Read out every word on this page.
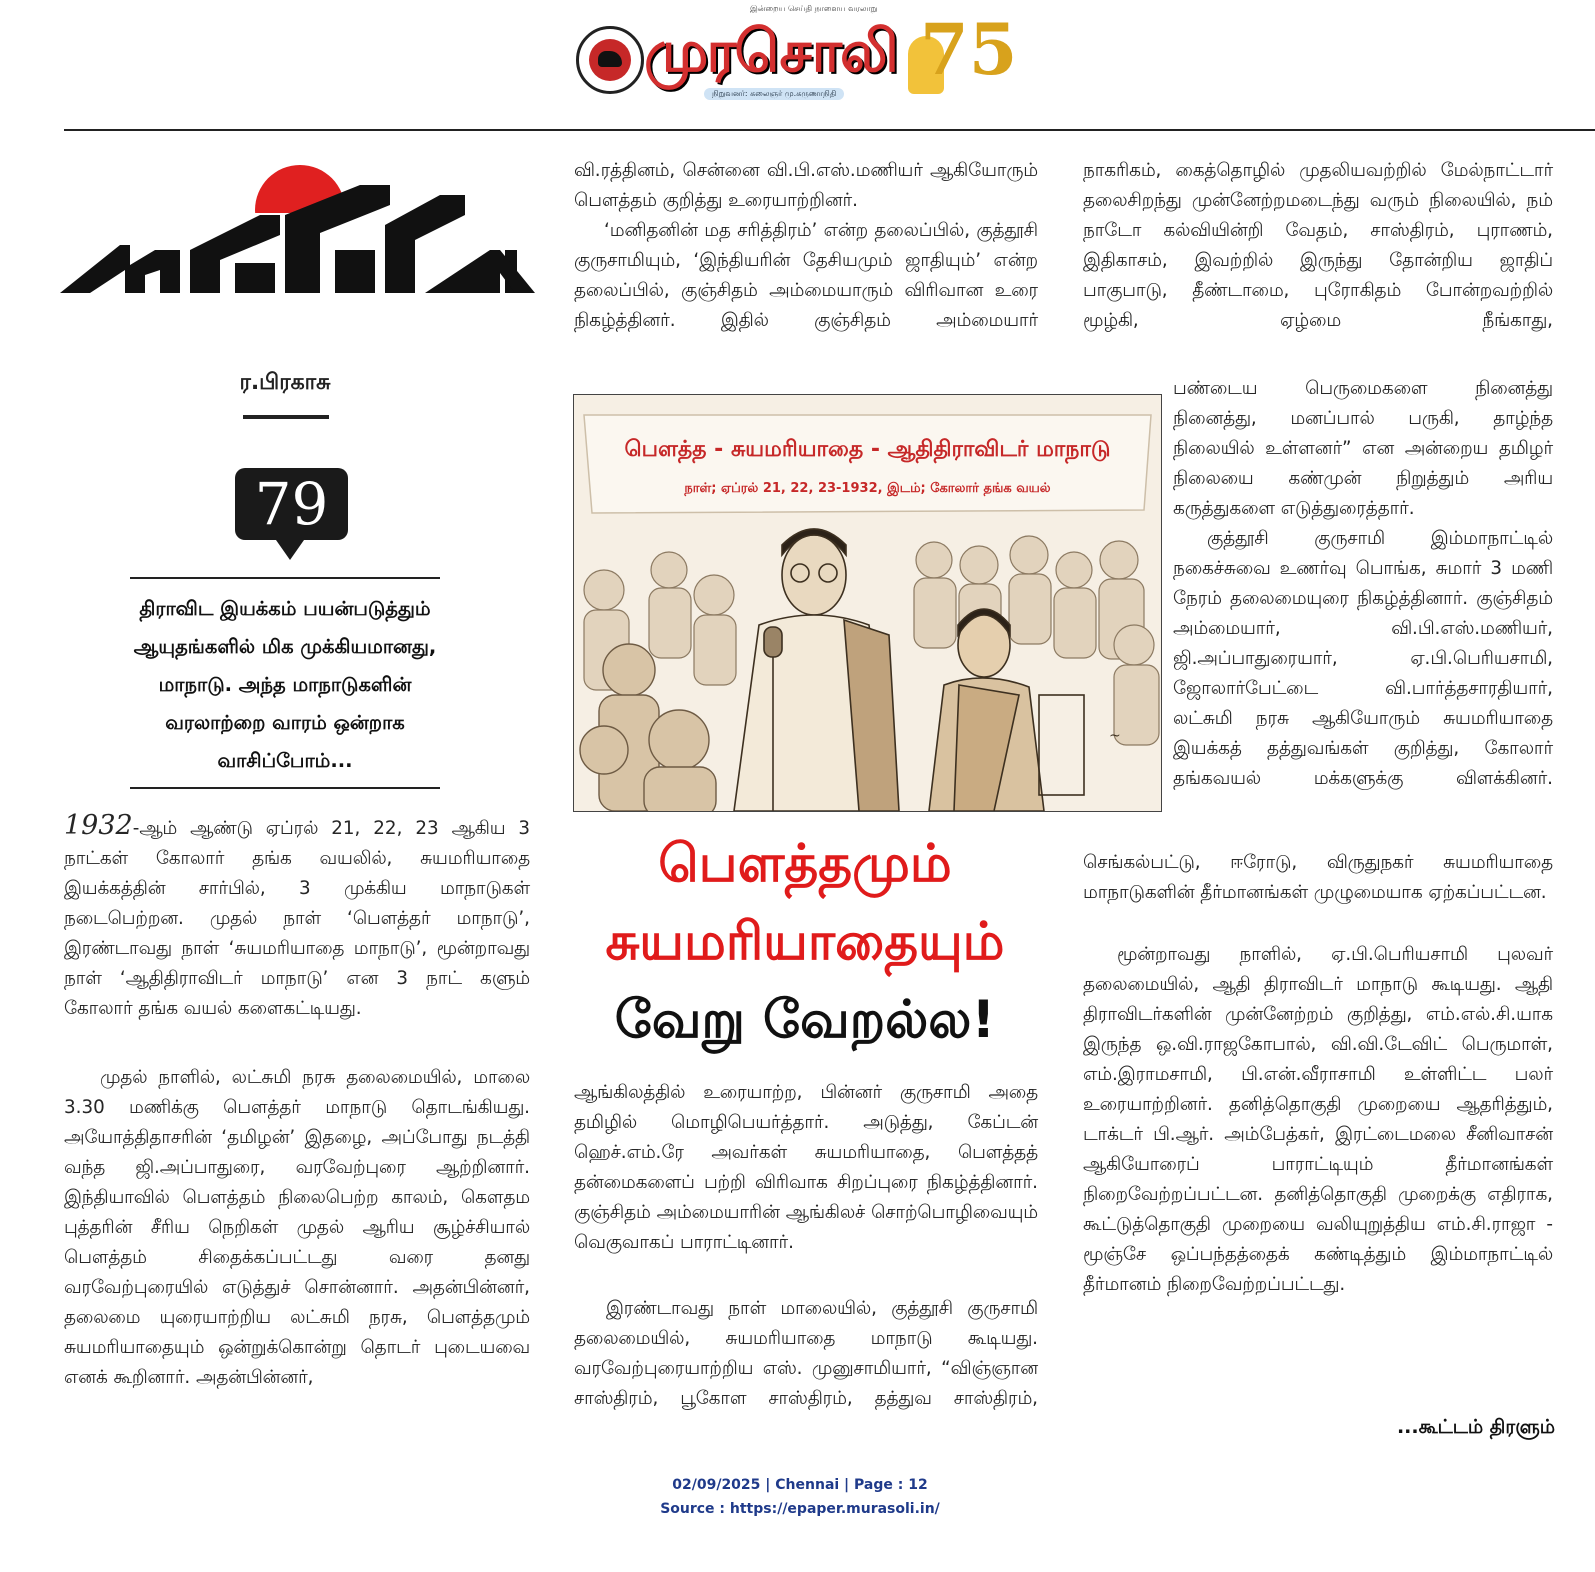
இன்றைய செய்தி நாளைய வரலாறு
முரசொலி
நிறுவனர்: கலைஞர் மு.கருணாநிதி
75
ர.பிரகாசு
79
திராவிட இயக்கம் பயன்படுத்தும்
ஆயுதங்களில் மிக முக்கியமானது,
மாநாடு. அந்த மாநாடுகளின்
வரலாற்றை வாரம் ஒன்றாக
வாசிப்போம்...

1932-ஆம் ஆண்டு ஏப்ரல் 21, 22, 23 ஆகிய 3 நாட்கள் கோலார் தங்க வயலில், சுயமரியாதை இயக்கத்தின் சார்பில், 3 முக்கிய மாநாடுகள் நடைபெற்றன. முதல் நாள் ‘பௌத்தர் மாநாடு’, இரண்டாவது நாள் ‘சுயமரியாதை மாநாடு’, மூன்றாவது நாள் ‘ஆதிதிராவிடர் மாநாடு’ என 3 நாட் களும் கோலார் தங்க வயல் களைகட்டியது.

முதல் நாளில், லட்சுமி நரசு தலைமையில், மாலை 3.30 மணிக்கு பௌத்தர் மாநாடு தொடங்கியது. அயோத்திதாசரின் ‘தமிழன்’ இதழை, அப்போது நடத்தி வந்த ஜி.அப்பாதுரை, வரவேற்புரை ஆற்றினார். இந்தியாவில் பௌத்தம் நிலைபெற்ற காலம், கௌதம புத்தரின் சீரிய நெறிகள் முதல் ஆரிய சூழ்ச்சியால் பௌத்தம் சிதைக்கப்பட்டது வரை தனது வரவேற்புரையில் எடுத்துச் சொன்னார். அதன்பின்னர், தலைமை யுரையாற்றிய லட்சுமி நரசு, பௌத்தமும் சுயமரியாதையும் ஒன்றுக்கொன்று தொடர் புடையவை எனக் கூறினார். அதன்பின்னர்,

வி.ரத்தினம், சென்னை வி.பி.எஸ்.மணியர் ஆகியோரும் பௌத்தம் குறித்து உரையாற்றினர்.

‘மனிதனின் மத சரித்திரம்’ என்ற தலைப்பில், குத்தூசி குருசாமியும், ‘இந்தியரின் தேசியமும் ஜாதியும்’ என்ற தலைப்பில், குஞ்சிதம் அம்மையாரும் விரிவான உரை நிகழ்த்தினர். இதில் குஞ்சிதம் அம்மையார்

~
பௌத்த - சுயமரியாதை - ஆதிதிராவிடர் மாநாடு
நாள்; ஏப்ரல் 21, 22, 23-1932, இடம்; கோலார் தங்க வயல்
பௌத்தமும்
சுயமரியாதையும்
வேறு வேறல்ல!

ஆங்கிலத்தில் உரையாற்ற, பின்னர் குருசாமி அதை தமிழில் மொழிபெயர்த்தார். அடுத்து, கேப்டன் ஹெச்.எம்.ரே அவர்கள் சுயமரியாதை, பௌத்தத் தன்மைகளைப் பற்றி விரிவாக சிறப்புரை நிகழ்த்தினார். குஞ்சிதம் அம்மையாரின் ஆங்கிலச் சொற்பொழிவையும் வெகுவாகப் பாராட்டினார்.

இரண்டாவது நாள் மாலையில், குத்தூசி குருசாமி தலைமையில், சுயமரியாதை மாநாடு கூடியது. வரவேற்புரையாற்றிய எஸ். முனுசாமியார், “விஞ்ஞான சாஸ்திரம், பூகோள சாஸ்திரம், தத்துவ சாஸ்திரம்,

நாகரிகம், கைத்தொழில் முதலியவற்றில் மேல்நாட்டார் தலைசிறந்து முன்னேற்றமடைந்து வரும் நிலையில், நம் நாடோ கல்வியின்றி வேதம், சாஸ்திரம், புராணம், இதிகாசம், இவற்றில் இருந்து தோன்றிய ஜாதிப் பாகுபாடு, தீண்டாமை, புரோகிதம் போன்றவற்றில் மூழ்கி, ஏழ்மை நீங்காது,

பண்டைய பெருமைகளை நினைத்து நினைத்து, மனப்பால் பருகி, தாழ்ந்த நிலையில் உள்ளனர்” என அன்றைய தமிழர் நிலையை கண்முன் நிறுத்தும் அரிய கருத்துகளை எடுத்துரைத்தார்.

குத்தூசி குருசாமி இம்மாநாட்டில் நகைச்சுவை உணர்வு பொங்க, சுமார் 3 மணி நேரம் தலைமையுரை நிகழ்த்தினார். குஞ்சிதம் அம்மையார், வி.பி.எஸ்.மணியர், ஜி.அப்பாதுரையார், ஏ.பி.பெரியசாமி, ஜோலார்பேட்டை வி.பார்த்தசாரதியார், லட்சுமி நரசு ஆகியோரும் சுயமரியாதை இயக்கத் தத்துவங்கள் குறித்து, கோலார் தங்கவயல் மக்களுக்கு விளக்கினர்.

செங்கல்பட்டு, ஈரோடு, விருதுநகர் சுயமரியாதை மாநாடுகளின் தீர்மானங்கள் முழுமையாக ஏற்கப்பட்டன.

மூன்றாவது நாளில், ஏ.பி.பெரியசாமி புலவர் தலைமையில், ஆதி திராவிடர் மாநாடு கூடியது. ஆதி திராவிடர்களின் முன்னேற்றம் குறித்து, எம்.எல்.சி.யாக இருந்த ஒ.வி.ராஜகோபால், வி.வி.டேவிட் பெருமாள், எம்.இராமசாமி, பி.என்.வீராசாமி உள்ளிட்ட பலர் உரையாற்றினர். தனித்தொகுதி முறையை ஆதரித்தும், டாக்டர் பி.ஆர். அம்பேத்கர், இரட்டைமலை சீனிவாசன் ஆகியோரைப் பாராட்டியும் தீர்மானங்கள் நிறைவேற்றப்பட்டன. தனித்தொகுதி முறைக்கு எதிராக, கூட்டுத்தொகுதி முறையை வலியுறுத்திய எம்.சி.ராஜா - மூஞ்சே ஒப்பந்தத்தைக் கண்டித்தும் இம்மாநாட்டில் தீர்மானம் நிறைவேற்றப்பட்டது.

...கூட்டம் திரளும்
02/09/2025 | Chennai | Page : 12
Source : https://epaper.murasoli.in/
